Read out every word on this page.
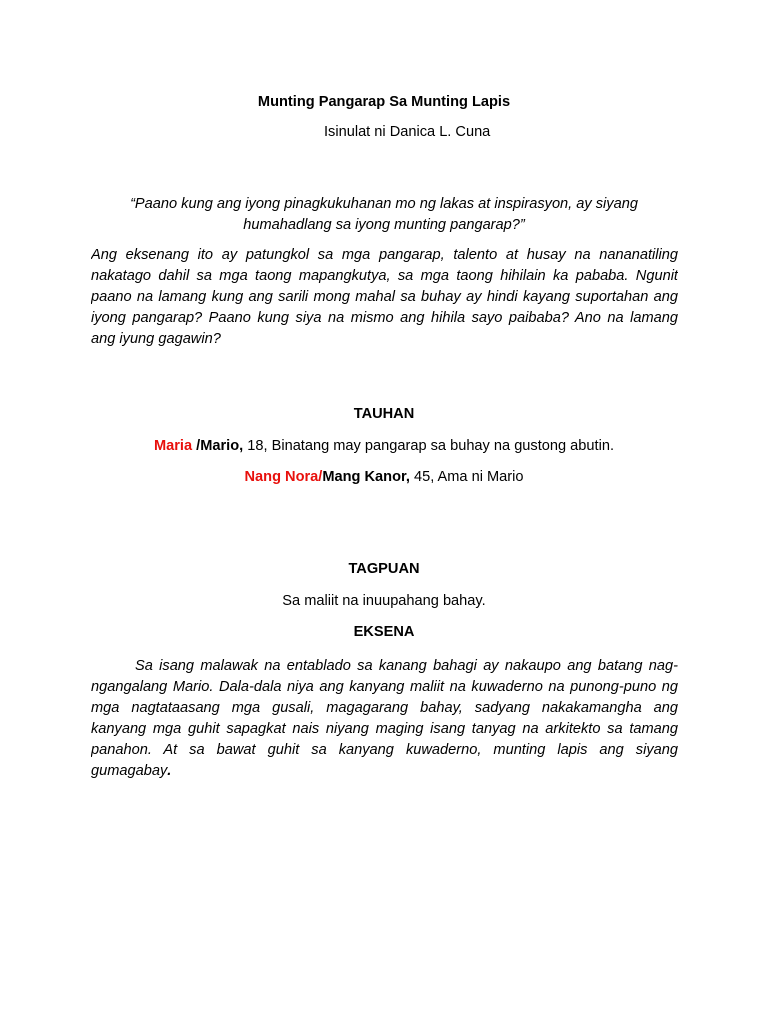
Munting Pangarap Sa Munting Lapis
Isinulat ni Danica L. Cuna
“Paano kung ang iyong pinagkukuhanan mo ng lakas at inspirasyon, ay siyang
humahadlang sa iyong munting pangarap?”
Ang eksenang ito ay patungkol sa mga pangarap, talento at husay na nananatiling
nakatago dahil sa mga taong mapangkutya, sa mga taong hihilain ka pababa. Ngunit
paano na lamang kung ang sarili mong mahal sa buhay ay hindi kayang suportahan ang
iyong pangarap? Paano kung siya na mismo ang hihila sayo paibaba? Ano na lamang
ang iyung gagawin?
TAUHAN
Maria /Mario, 18, Binatang may pangarap sa buhay na gustong abutin.
Nang Nora/Mang Kanor, 45, Ama ni Mario
TAGPUAN
Sa maliit na inuupahang bahay.
EKSENA
Sa isang malawak na entablado sa kanang bahagi ay nakaupo ang batang nag-
ngangalang Mario. Dala-dala niya ang kanyang maliit na kuwaderno na punong-puno ng
mga nagtataasang mga gusali, magagarang bahay, sadyang nakakamangha ang
kanyang mga guhit sapagkat nais niyang maging isang tanyag na arkitekto sa tamang
panahon. At sa bawat guhit sa kanyang kuwaderno, munting lapis ang siyang
gumagabay.
